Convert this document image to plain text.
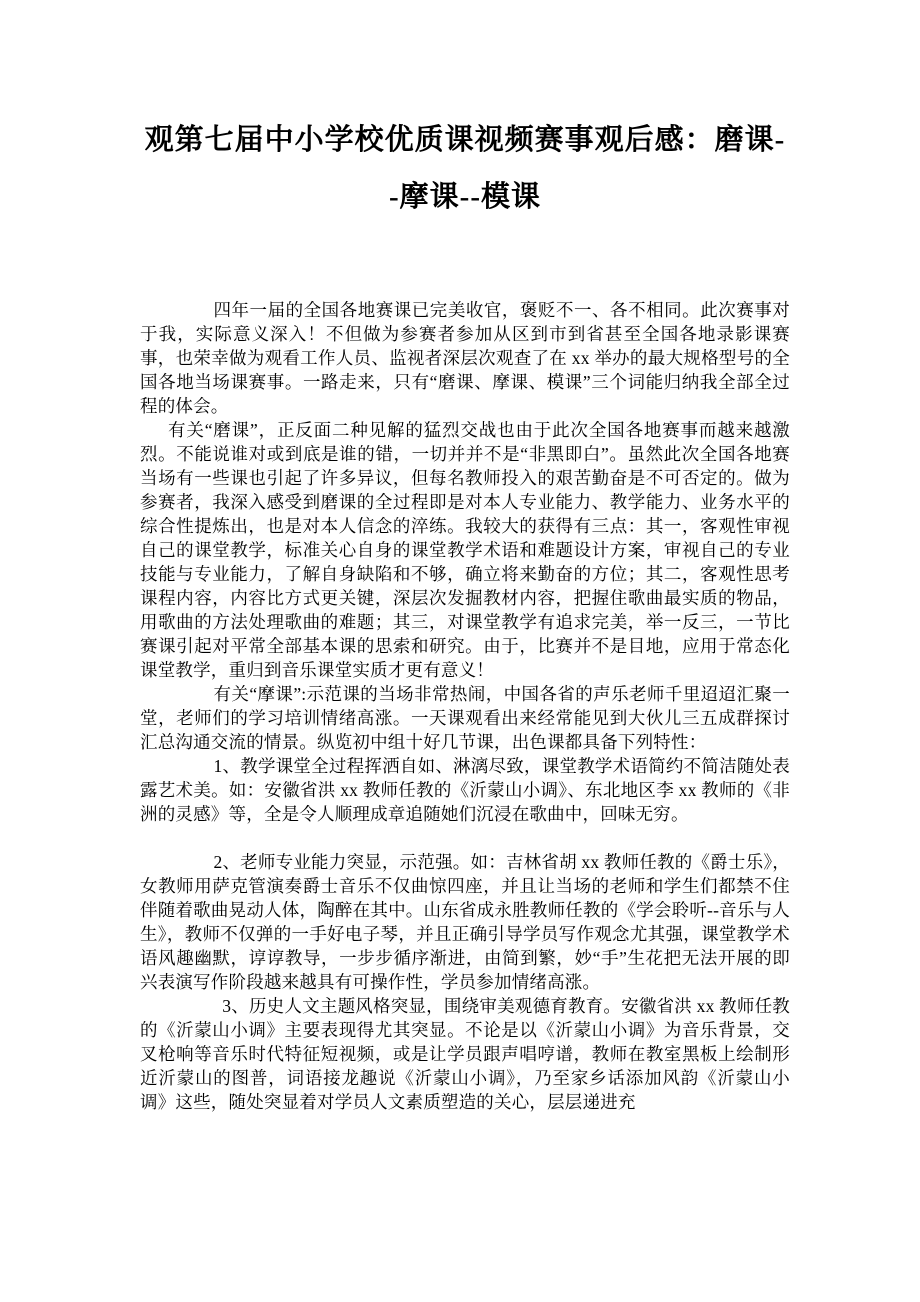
观第七届中小学校优质课视频赛事观后感：磨课--摩课--模课

四年一届的全国各地赛课已完美收官，褒贬不一、各不相同。此次赛事对于我，实际意义深入！不但做为参赛者参加从区到市到省甚至全国各地录影课赛事，也荣幸做为观看工作人员、监视者深层次观查了在 xx 举办的最大规格型号的全国各地当场课赛事。一路走来，只有“磨课、摩课、模课”三个词能归纳我全部全过程的体会。

有关“磨课”，正反面二种见解的猛烈交战也由于此次全国各地赛事而越来越激烈。不能说谁对或到底是谁的错，一切并并不是“非黑即白”。虽然此次全国各地赛当场有一些课也引起了许多异议，但每名教师投入的艰苦勤奋是不可否定的。做为参赛者，我深入感受到磨课的全过程即是对本人专业能力、教学能力、业务水平的综合性提炼出，也是对本人信念的淬练。我较大的获得有三点：其一，客观性审视自己的课堂教学，标准关心自身的课堂教学术语和难题设计方案，审视自己的专业技能与专业能力，了解自身缺陷和不够，确立将来勤奋的方位；其二，客观性思考课程内容，内容比方式更关键，深层次发掘教材内容，把握住歌曲最实质的物品，用歌曲的方法处理歌曲的难题；其三，对课堂教学有追求完美，举一反三，一节比赛课引起对平常全部基本课的思索和研究。由于，比赛并不是目地，应用于常态化课堂教学，重归到音乐课堂实质才更有意义！

有关“摩课”:示范课的当场非常热闹，中国各省的声乐老师千里迢迢汇聚一堂，老师们的学习培训情绪高涨。一天课观看出来经常能见到大伙儿三五成群探讨汇总沟通交流的情景。纵览初中组十好几节课，出色课都具备下列特性：

1、教学课堂全过程挥洒自如、淋漓尽致，课堂教学术语简约不简洁随处表露艺术美。如：安徽省洪 xx 教师任教的《沂蒙山小调》、东北地区李 xx 教师的《非洲的灵感》等，全是令人顺理成章追随她们沉浸在歌曲中，回味无穷。

2、老师专业能力突显，示范强。如：吉林省胡 xx 教师任教的《爵士乐》，女教师用萨克管演奏爵士音乐不仅曲惊四座，并且让当场的老师和学生们都禁不住伴随着歌曲晃动人体，陶醉在其中。山东省成永胜教师任教的《学会聆听--音乐与人生》，教师不仅弹的一手好电子琴，并且正确引导学员写作观念尤其强，课堂教学术语风趣幽默，谆谆教导，一步步循序渐进，由简到繁，妙“手”生花把无法开展的即兴表演写作阶段越来越具有可操作性，学员参加情绪高涨。

3、历史人文主题风格突显，围绕审美观德育教育。安徽省洪 xx 教师任教的《沂蒙山小调》主要表现得尤其突显。不论是以《沂蒙山小调》为音乐背景，交叉枪响等音乐时代特征短视频，或是让学员跟声唱哼谱，教师在教室黑板上绘制形近沂蒙山的图普，词语接龙趣说《沂蒙山小调》，乃至家乡话添加风韵《沂蒙山小调》这些，随处突显着对学员人文素质塑造的关心，层层递进充
